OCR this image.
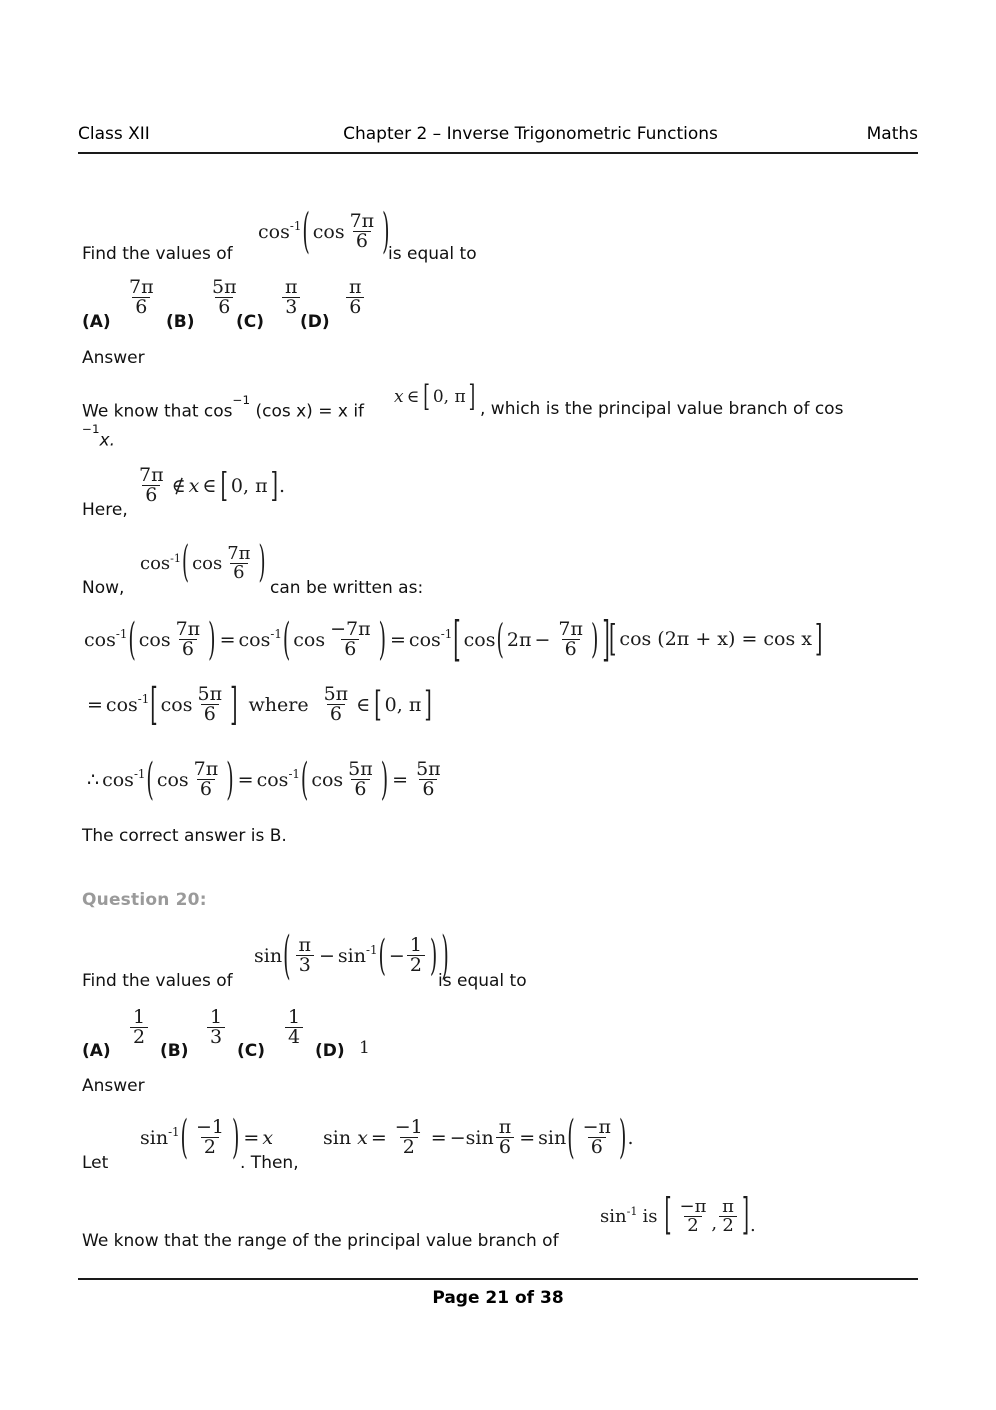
Class XII	Chapter 2 – Inverse Trigonometric Functions	Maths
Find the values of
cos -1 ( $\cos \frac{7\pi}{6}$ )
is equal to
(A)
$\frac{7\pi}{6}$
(B)
$\frac{5\pi}{6}$
(C)
$\frac{\pi}{3}$
(D)
$\frac{\pi}{6}$
Answer
We know that $\cos^{-1} (\cos$ x) = x if
x ∈ [ 0,
π ] , which is the principal value branch of cos
$^{-1}$x.
Here,
$\frac{7\pi}{6}$ ∉ x ∈ [ 0,
π ] .
Now,
cos -1 ( $\cos \frac{7\pi}{6}$ ) can be written as:
cos -1 ( $\cos \frac{7\pi}{6}$ ) = cos -1 ( $\cos \frac{-7\pi}{6}$ ) = cos -1 [ cos ( $2\pi - \frac{7\pi}{6}$ ) ] [ cos (2π + x) = cos x ]
= cos -1 [ $\cos \frac{5\pi}{6}$ ] where $\frac{5\pi}{6}$ ∈ [ 0,
π ]
∴ cos -1 ( $\cos \frac{7\pi}{6}$ ) = cos -1 ( $\cos \frac{5\pi}{6}$ ) = $\frac{5\pi}{6}$
The correct answer is B.
Question 20:
Find the values of
sin ( $\frac{\pi}{3} - \sin -1$ ( − $\frac{1}{2}$ ) )
is equal to
(A)
$\frac{1}{2}$
(B)
$\frac{1}{3}$
(C)
$\frac{1}{4}$
(D) 1
Answer
Let
sin -1 ( $\frac{-1}{2}$ ) = x
. Then,
sin
$x = \frac{-1}{2}$ = − $\sin \frac{\pi}{6} = \sin$ ( $\frac{-\pi}{6}$ ) .
We know that the range of the principal value branch of
sin -1 is [ $\frac{-\pi}{2}$ , $\frac{\pi}{2}$ ] .
Page 21 of 38
